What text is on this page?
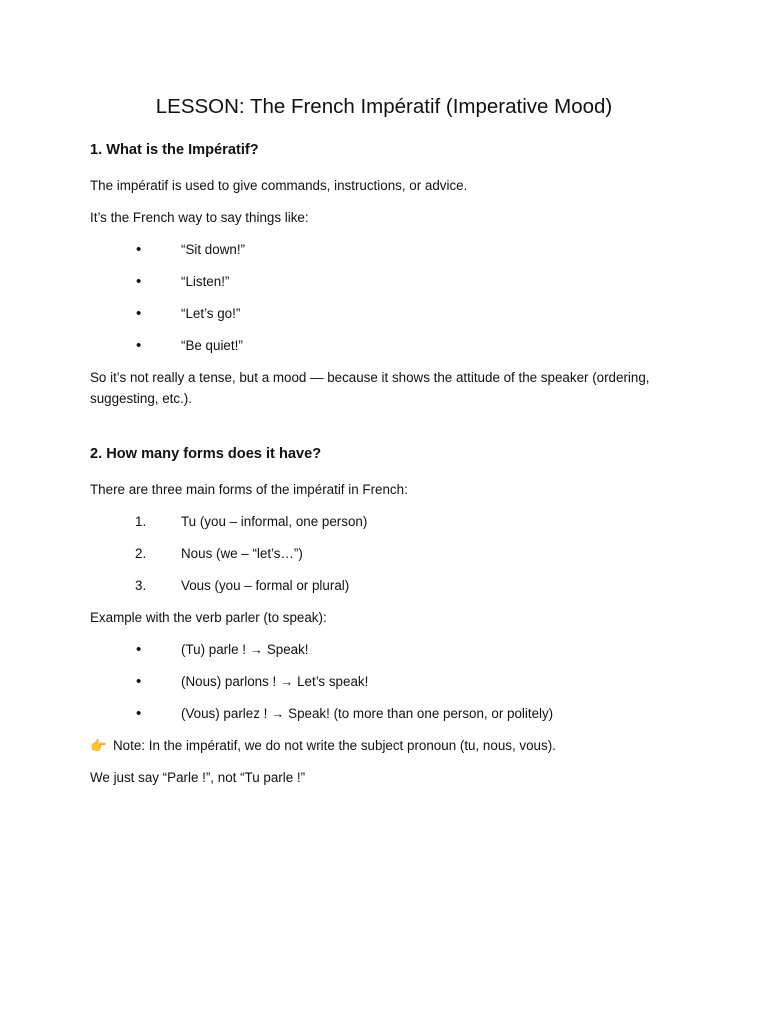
LESSON: The French Impératif (Imperative Mood)
1. What is the Impératif?

The impératif is used to give commands, instructions, or advice.

It’s the French way to say things like:

•	“Sit down!”
•	“Listen!”
•	“Let’s go!”
•	“Be quiet!”

So it’s not really a tense, but a mood — because it shows the attitude of the speaker (ordering, suggesting, etc.).

2. How many forms does it have?

There are three main forms of the impératif in French:

1.	Tu (you – informal, one person)
2.	Nous (we – “let’s…”)
3.	Vous (you – formal or plural)

Example with the verb parler (to speak):

•	(Tu) parle ! → Speak!
•	(Nous) parlons ! → Let’s speak!
•	(Vous) parlez ! → Speak! (to more than one person, or politely)

👉 Note: In the impératif, we do not write the subject pronoun (tu, nous, vous).

We just say “Parle !”, not “Tu parle !”
